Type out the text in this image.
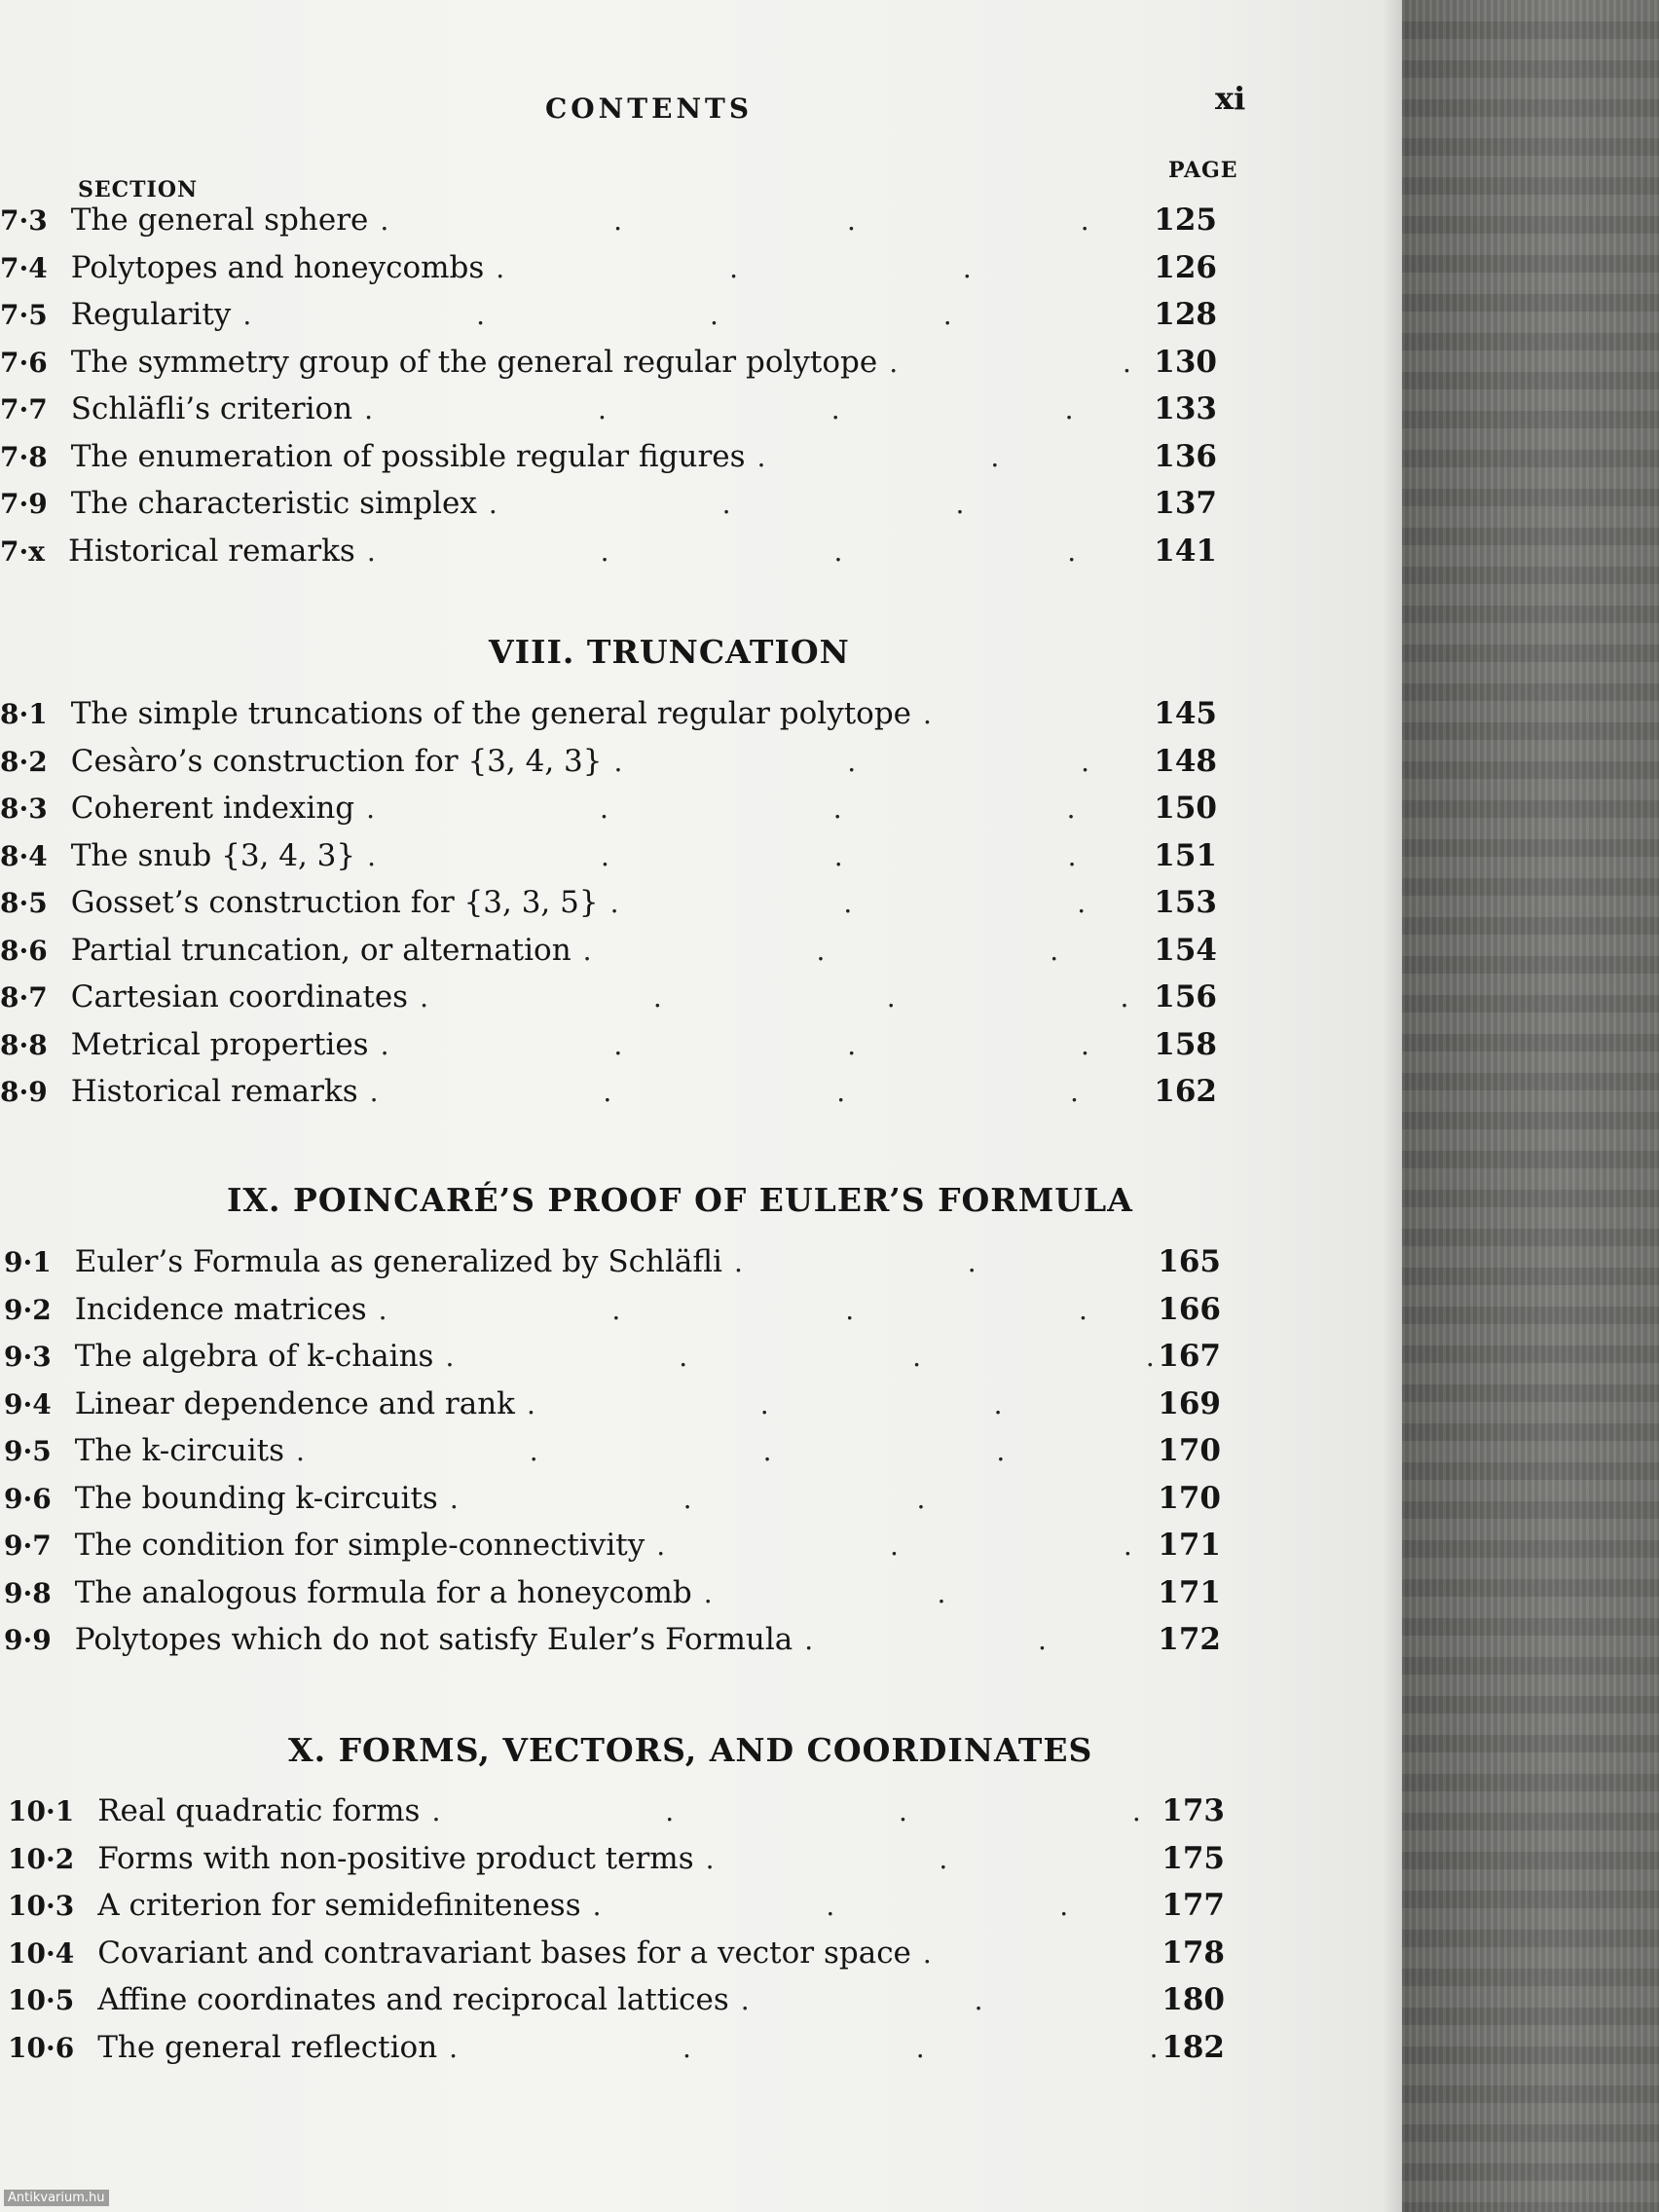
CONTENTS	xi
SECTION
PAGE
7·3 The general sphere .	125
7·4 Polytopes and honeycombs .	126
7·5 Regularity .	128
7·6 The symmetry group of the general regular polytope .	130
7·7 Schläfli’s criterion .	133
7·8 The enumeration of possible regular figures .	136
7·9 The characteristic simplex .	137
7·x Historical remarks .	141
VIII. TRUNCATION
8·1 The simple truncations of the general regular polytope .	145
8·2 Cesàro’s construction for {3, 4, 3} .	148
8·3 Coherent indexing .	150
8·4 The snub {3, 4, 3} .	151
8·5 Gosset’s construction for {3, 3, 5} .	153
8·6 Partial truncation, or alternation .	154
8·7 Cartesian coordinates .	156
8·8 Metrical properties .	158
8·9 Historical remarks .	162
IX. POINCARÉ’S PROOF OF EULER’S FORMULA
9·1 Euler’s Formula as generalized by Schläfli .	165
9·2 Incidence matrices .	166
9·3 The algebra of k-chains .	167
9·4 Linear dependence and rank .	169
9·5 The k-circuits .	170
9·6 The bounding k-circuits .	170
9·7 The condition for simple-connectivity .	171
9·8 The analogous formula for a honeycomb .	171
9·9 Polytopes which do not satisfy Euler’s Formula .	172
X. FORMS, VECTORS, AND COORDINATES
10·1 Real quadratic forms .	173
10·2 Forms with non-positive product terms .	175
10·3 A criterion for semidefiniteness .	177
10·4 Covariant and contravariant bases for a vector space .	178
10·5 Affine coordinates and reciprocal lattices .	180
10·6 The general reflection .	182
Antikvarium.hu
